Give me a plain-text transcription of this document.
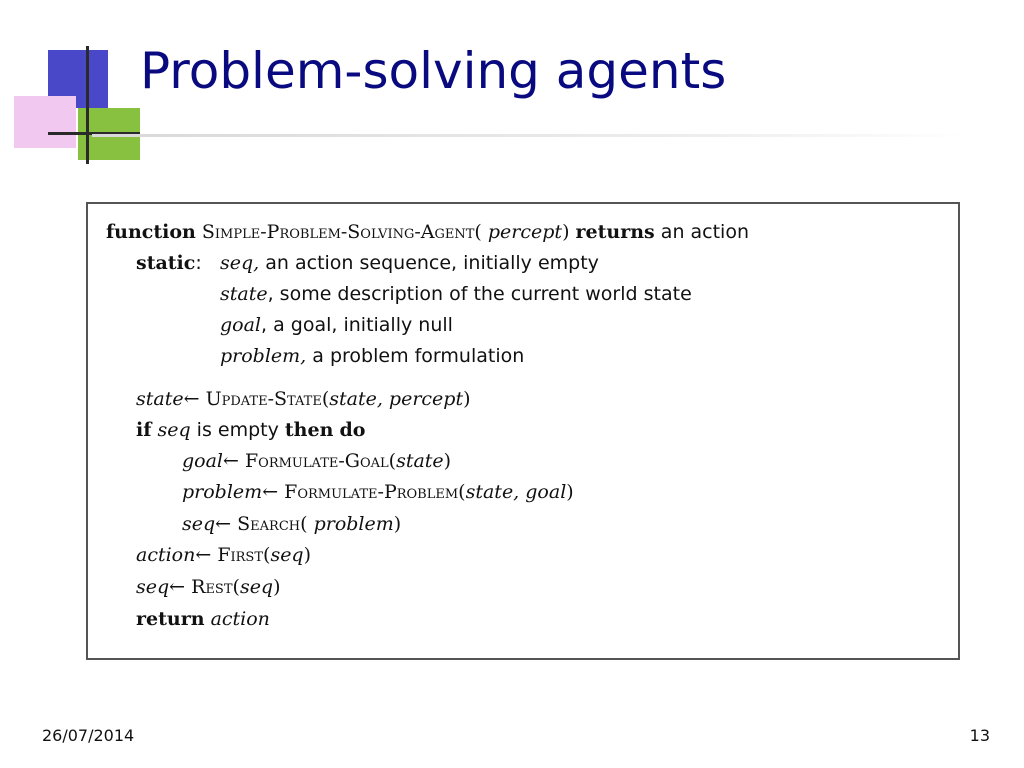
Problem-solving agents
function Simple-Problem-Solving-Agent( percept) returns an action
static: seq, an action sequence, initially empty
state, some description of the current world state
goal, a goal, initially null
problem, a problem formulation
state← Update-State(state, percept)
if seq is empty then do
goal← Formulate-Goal(state)
problem← Formulate-Problem(state, goal)
seq← Search( problem)
action← First(seq)
seq← Rest(seq)
return action
26/07/2014	13
